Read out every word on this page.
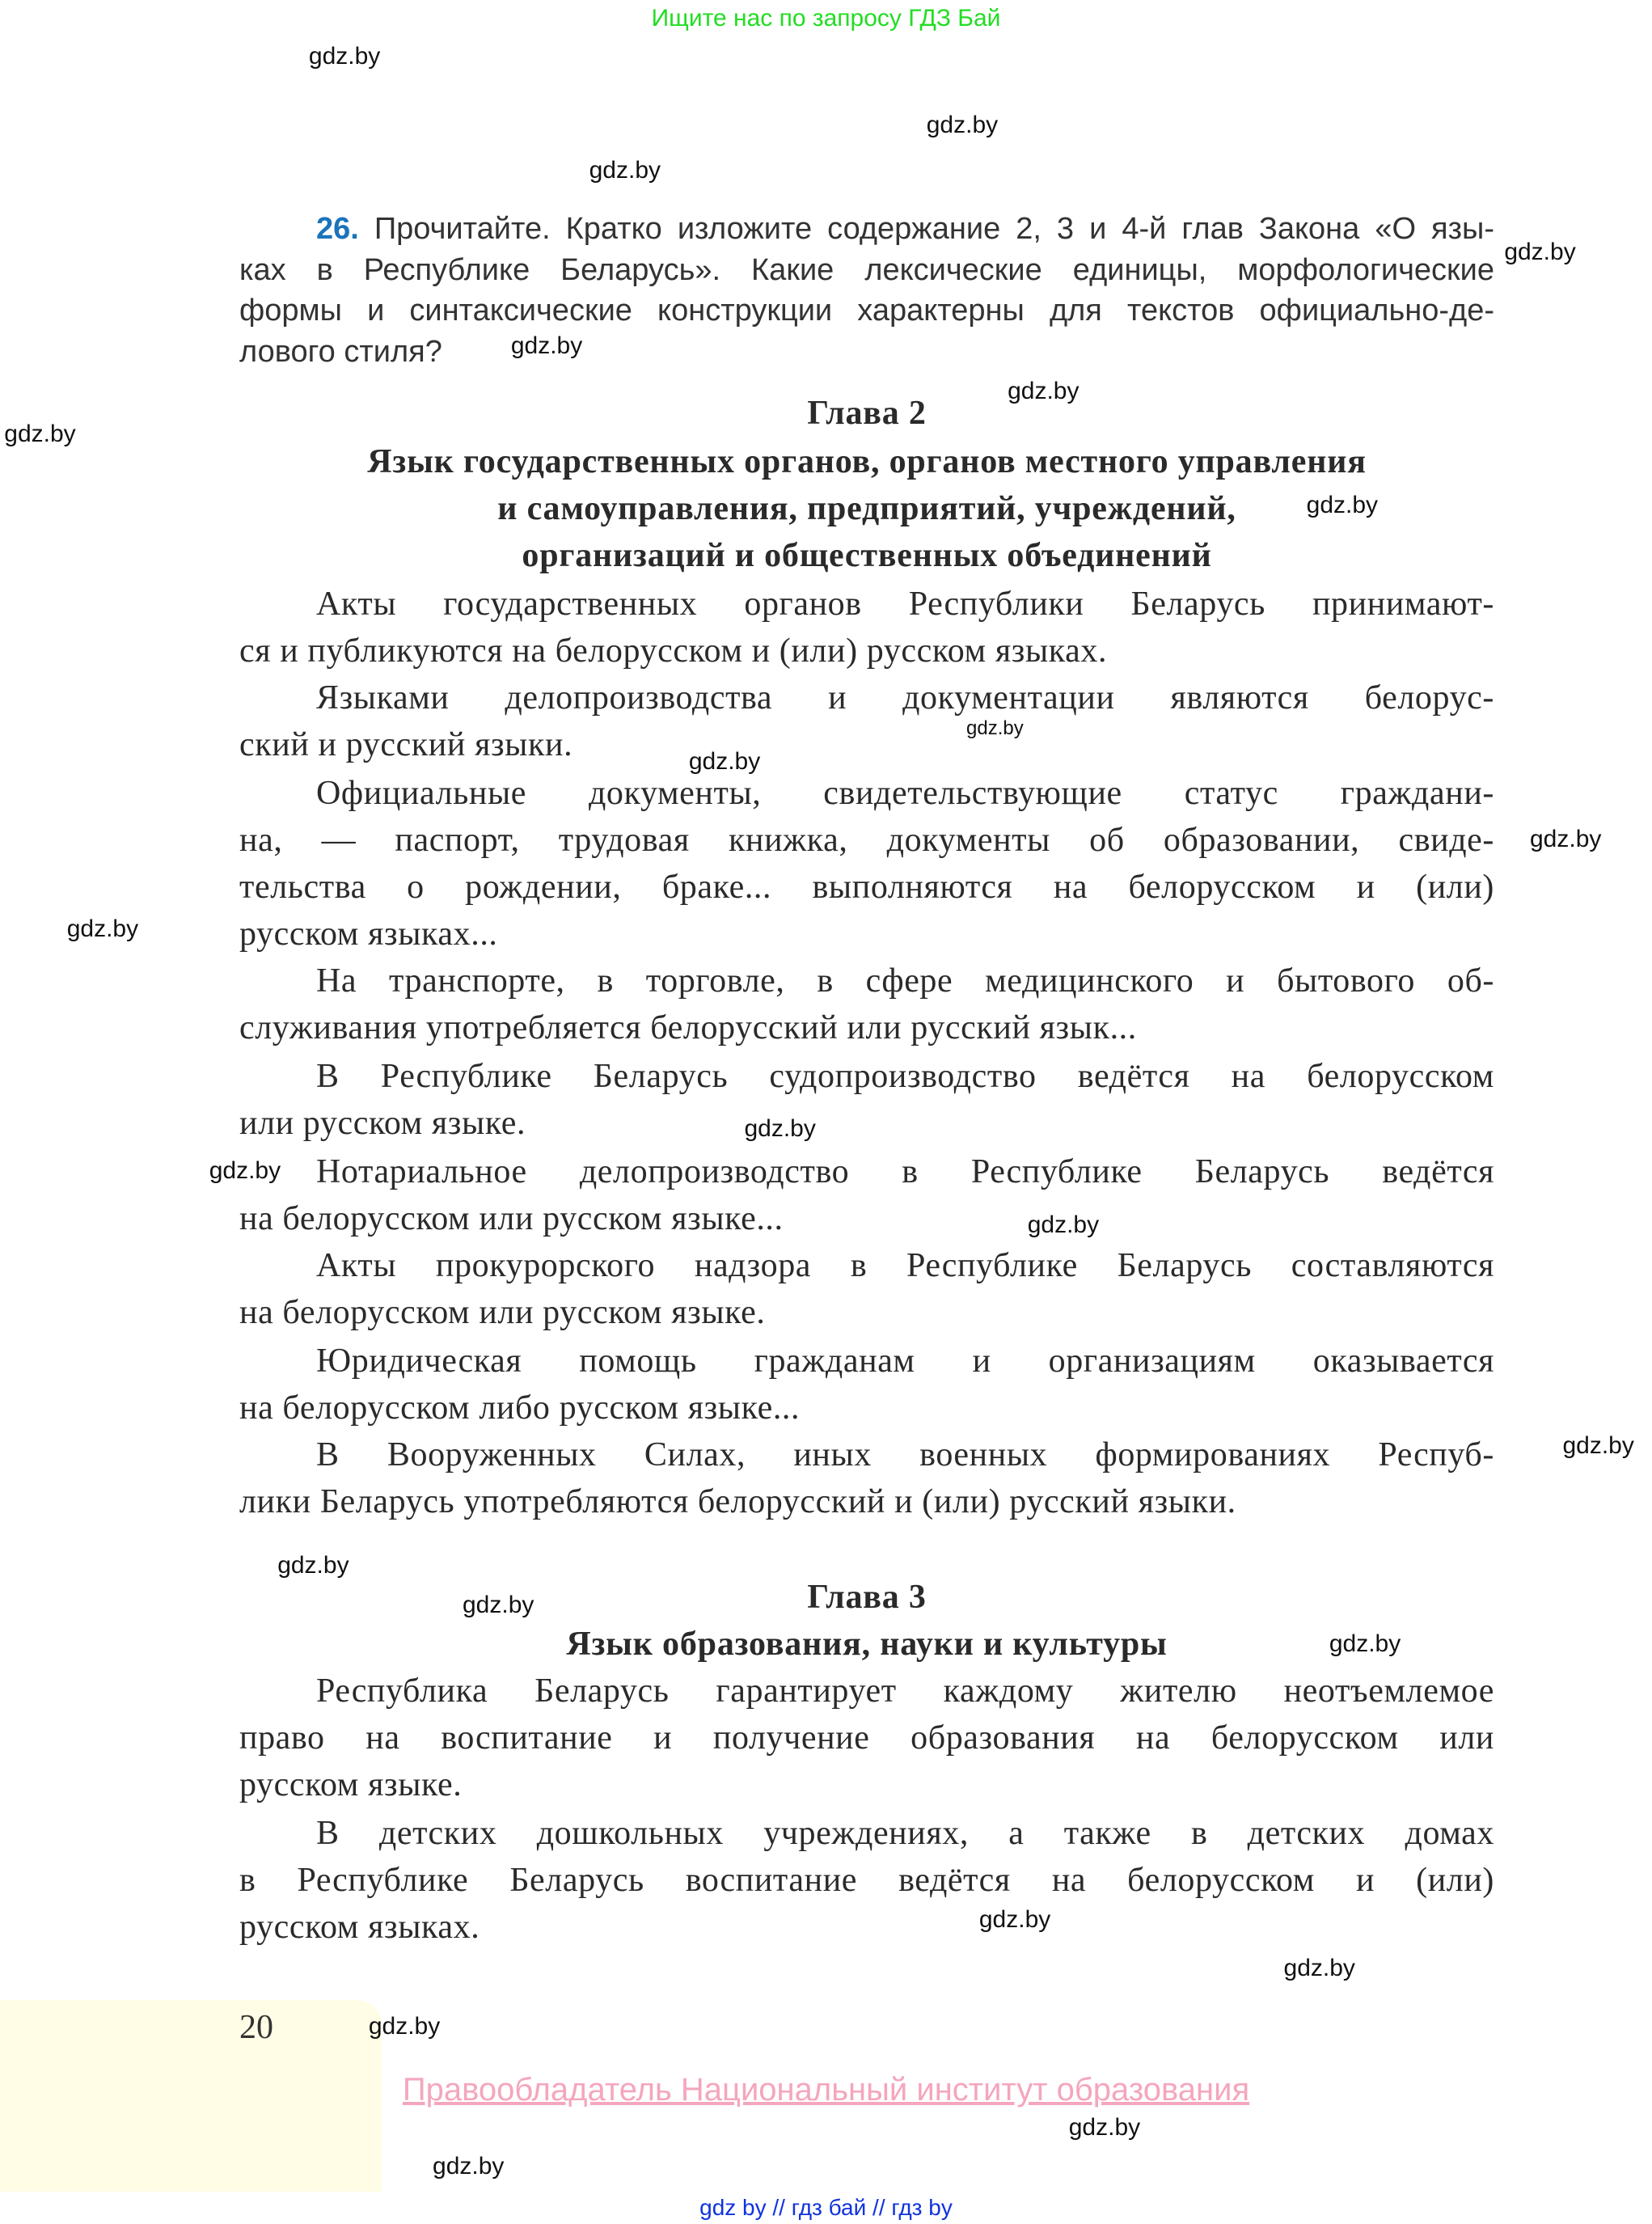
Ищите нас по запросу ГДЗ Бай
20
Правообладатель Национальный институт образования
gdz by // гдз бай // гдз by
26. Прочитайте. Кратко изложите содержание 2, 3 и 4-й глав Закона «О язы-
ках в Республике Беларусь». Какие лексические единицы, морфологические
формы и синтаксические конструкции характерны для текстов официально-де-
лового стиля?
Глава 2
Язык государственных органов, органов местного управления
и самоуправления, предприятий, учреждений,
организаций и общественных объединений
Акты государственных органов Республики Беларусь принимают-
ся и публикуются на белорусском и (или) русском языках.
Языками делопроизводства и документации являются белорус-
ский и русский языки.
Официальные документы, свидетельствующие статус граждани-
на, — паспорт, трудовая книжка, документы об образовании, свиде-
тельства о рождении, браке... выполняются на белорусском и (или)
русском языках...
На транспорте, в торговле, в сфере медицинского и бытового об-
служивания употребляется белорусский или русский язык...
В Республике Беларусь судопроизводство ведётся на белорусском
или русском языке.
Нотариальное делопроизводство в Республике Беларусь ведётся
на белорусском или русском языке...
Акты прокурорского надзора в Республике Беларусь составляются
на белорусском или русском языке.
Юридическая помощь гражданам и организациям оказывается
на белорусском либо русском языке...
В Вооруженных Силах, иных военных формированиях Респуб-
лики Беларусь употребляются белорусский и (или) русский языки.
Глава 3
Язык образования, науки и культуры
Республика Беларусь гарантирует каждому жителю неотъемлемое
право на воспитание и получение образования на белорусском или
русском языке.
В детских дошкольных учреждениях, а также в детских домах
в Республике Беларусь воспитание ведётся на белорусском и (или)
русском языках.
gdz.by
gdz.by
gdz.by
gdz.by
gdz.by
gdz.by
gdz.by
gdz.by
gdz.by
gdz.by
gdz.by
gdz.by
gdz.by
gdz.by
gdz.by
gdz.by
gdz.by
gdz.by
gdz.by
gdz.by
gdz.by
gdz.by
gdz.by
gdz.by
